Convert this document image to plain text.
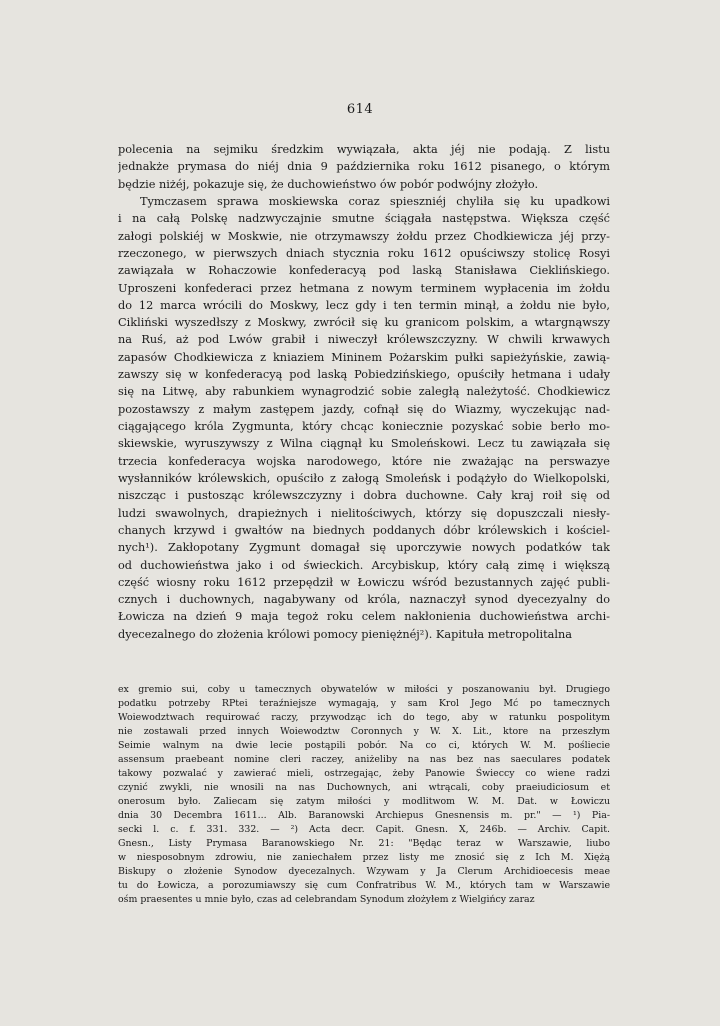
614
polecenia na sejmiku średzkim wywiązała, akta jéj nie podają. Z listu
jednakże prymasa do niéj dnia 9 października roku 1612 pisanego, o którym
będzie niżéj, pokazuje się, że duchowieństwo ów pobór podwójny złożyło.
Tymczasem sprawa moskiewska coraz spieszniéj chyliła się ku upadkowi
i na całą Polskę nadzwyczajnie smutne ściągała następstwa. Większa część
załogi polskiéj w Moskwie, nie otrzymawszy żołdu przez Chodkiewicza jéj przy-
rzeczonego, w pierwszych dniach stycznia roku 1612 opuściwszy stolicę Rosyi
zawiązała w Rohaczowie konfederacyą pod laską Stanisława Cieklińskiego.
Uproszeni konfederaci przez hetmana z nowym terminem wypłacenia im żołdu
do 12 marca wrócili do Moskwy, lecz gdy i ten termin minął, a żołdu nie było,
Cikliński wyszedłszy z Moskwy, zwrócił się ku granicom polskim, a wtargnąwszy
na Ruś, aż pod Lwów grabił i niweczył królewszczyzny. W chwili krwawych
zapasów Chodkiewicza z kniaziem Mininem Pożarskim pułki sapieżyńskie, zawią-
zawszy się w konfederacyą pod laską Pobiedzińskiego, opuściły hetmana i udały
się na Litwę, aby rabunkiem wynagrodzić sobie zaległą należytość. Chodkiewicz
pozostawszy z małym zastępem jazdy, cofnął się do Wiazmy, wyczekując nad-
ciągającego króla Zygmunta, który chcąc koniecznie pozyskać sobie berło mo-
skiewskie, wyruszywszy z Wilna ciągnął ku Smoleńskowi. Lecz tu zawiązała się
trzecia konfederacya wojska narodowego, które nie zważając na perswazye
wysłanników królewskich, opuściło z załogą Smoleńsk i podążyło do Wielkopolski,
niszcząc i pustosząc królewszczyzny i dobra duchowne. Cały kraj roił się od
ludzi swawolnych, drapieżnych i nielitościwych, którzy się dopuszczali niesły-
chanych krzywd i gwałtów na biednych poddanych dóbr królewskich i kościel-
nych¹). Zakłopotany Zygmunt domagał się uporczywie nowych podatków tak
od duchowieństwa jako i od świeckich. Arcybiskup, który całą zimę i większą
część wiosny roku 1612 przepędził w Łowiczu wśród bezustannych zajęć publi-
cznych i duchownych, nagabywany od króla, naznaczył synod dyecezyalny do
Łowicza na dzień 9 maja tegoż roku celem nakłonienia duchowieństwa archi-
dyecezalnego do złożenia królowi pomocy pieniężnéj²). Kapituła metropolitalna
ex gremio sui, coby u tamecznych obywatelów w miłości y poszanowaniu był. Drugiego
podatku potrzeby RPtei teraźniejsze wymagają, y sam Krol Jego Mć po tamecznych
Woiewodztwach requirować raczy, przywodząc ich do tego, aby w ratunku pospolitym
nie zostawali przed innych Woiewodztw Coronnych y W. X. Lit., ktore na przeszłym
Seimie walnym na dwie lecie postąpili pobór. Na co ci, których W. M. pośliecie
assensum praebeant nomine cleri raczey, aniżeliby na nas bez nas saeculares podatek
takowy pozwalać y zawierać mieli, ostrzegając, żeby Panowie Świeccy co wiene radzi
czynić zwykli, nie wnosili na nas Duchownych, ani wtrącali, coby praeiudiciosum et
onerosum było. Zaliecam się zatym miłości y modlitwom W. M. Dat. w Łowiczu
dnia 30 Decembra 1611... Alb. Baranowski Archiepus Gnesnensis m. pr." — ¹) Pia-
secki l. c. f. 331. 332. — ²) Acta decr. Capit. Gnesn. X, 246b. — Archiv. Capit.
Gnesn., Listy Prymasa Baranowskiego Nr. 21: "Będąc teraz w Warszawie, liubo
w niesposobnym zdrowiu, nie zaniechałem przez listy me znosić się z Ich M. Xiężą
Biskupy o złożenie Synodow dyecezalnych. Wzywam y Ja Clerum Archidioecesis meae
tu do Łowicza, a porozumiawszy się cum Confratribus W. M., których tam w Warszawie
ośm praesentes u mnie było, czas ad celebrandam Synodum złożyłem z Wielgińcy zaraz
